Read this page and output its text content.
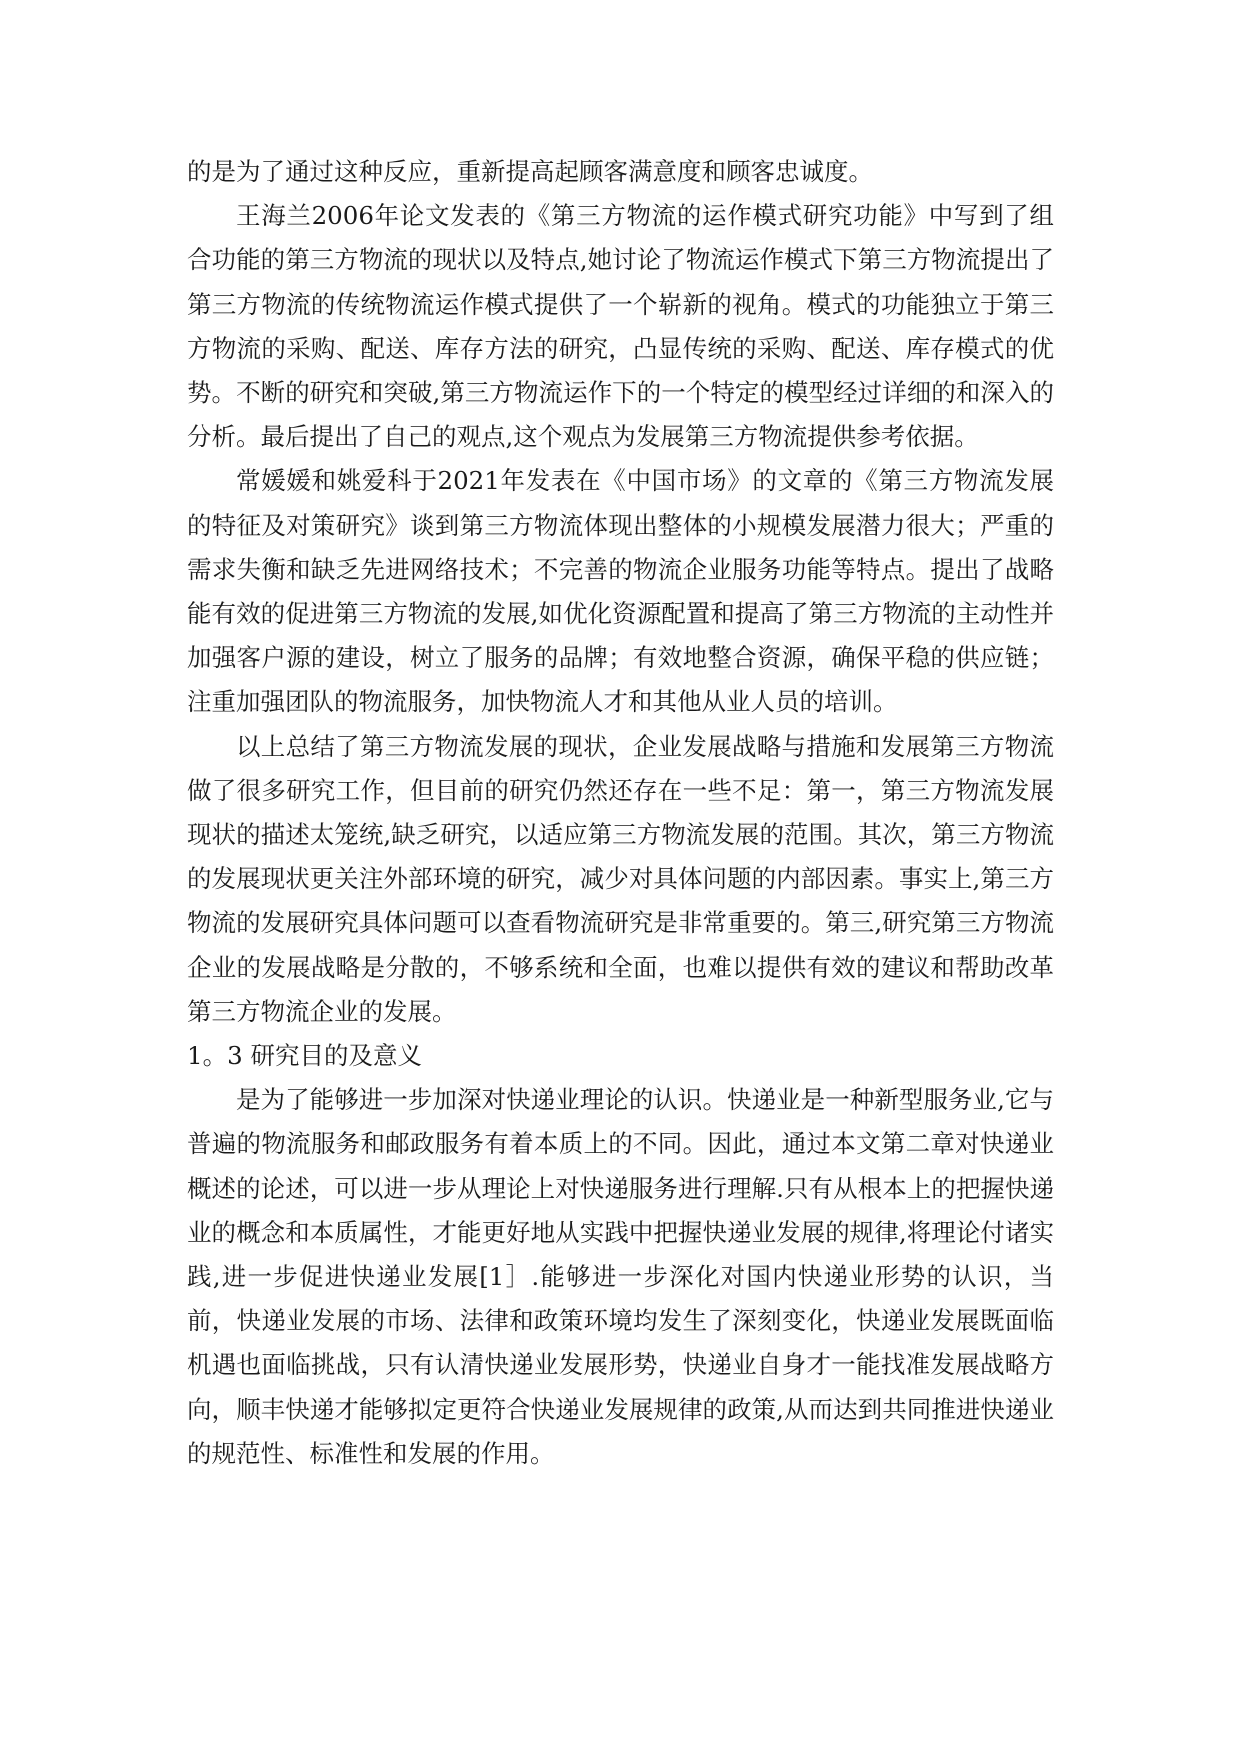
的是为了通过这种反应，重新提高起顾客满意度和顾客忠诚度。

王海兰2006年论文发表的《第三方物流的运作模式研究功能》中写到了组合功能的第三方物流的现状以及特点,她讨论了物流运作模式下第三方物流提出了第三方物流的传统物流运作模式提供了一个崭新的视角。模式的功能独立于第三方物流的采购、配送、库存方法的研究，凸显传统的采购、配送、库存模式的优势。不断的研究和突破,第三方物流运作下的一个特定的模型经过详细的和深入的分析。最后提出了自己的观点,这个观点为发展第三方物流提供参考依据。

常媛媛和姚爱科于2021年发表在《中国市场》的文章的《第三方物流发展的特征及对策研究》谈到第三方物流体现出整体的小规模发展潜力很大；严重的需求失衡和缺乏先进网络技术；不完善的物流企业服务功能等特点。提出了战略能有效的促进第三方物流的发展,如优化资源配置和提高了第三方物流的主动性并加强客户源的建设，树立了服务的品牌；有效地整合资源，确保平稳的供应链；注重加强团队的物流服务，加快物流人才和其他从业人员的培训。

以上总结了第三方物流发展的现状，企业发展战略与措施和发展第三方物流做了很多研究工作，但目前的研究仍然还存在一些不足：第一，第三方物流发展现状的描述太笼统,缺乏研究，以适应第三方物流发展的范围。其次，第三方物流的发展现状更关注外部环境的研究，减少对具体问题的内部因素。事实上,第三方物流的发展研究具体问题可以查看物流研究是非常重要的。第三,研究第三方物流企业的发展战略是分散的，不够系统和全面，也难以提供有效的建议和帮助改革第三方物流企业的发展。

1。3 研究目的及意义

是为了能够进一步加深对快递业理论的认识。快递业是一种新型服务业,它与普遍的物流服务和邮政服务有着本质上的不同。因此，通过本文第二章对快递业概述的论述，可以进一步从理论上对快递服务进行理解.只有从根本上的把握快递业的概念和本质属性，才能更好地从实践中把握快递业发展的规律,将理论付诸实践,进一步促进快递业发展[1］.能够进一步深化对国内快递业形势的认识，当前，快递业发展的市场、法律和政策环境均发生了深刻变化，快递业发展既面临机遇也面临挑战，只有认清快递业发展形势，快递业自身才一能找准发展战略方向，顺丰快递才能够拟定更符合快递业发展规律的政策,从而达到共同推进快递业的规范性、标准性和发展的作用。
